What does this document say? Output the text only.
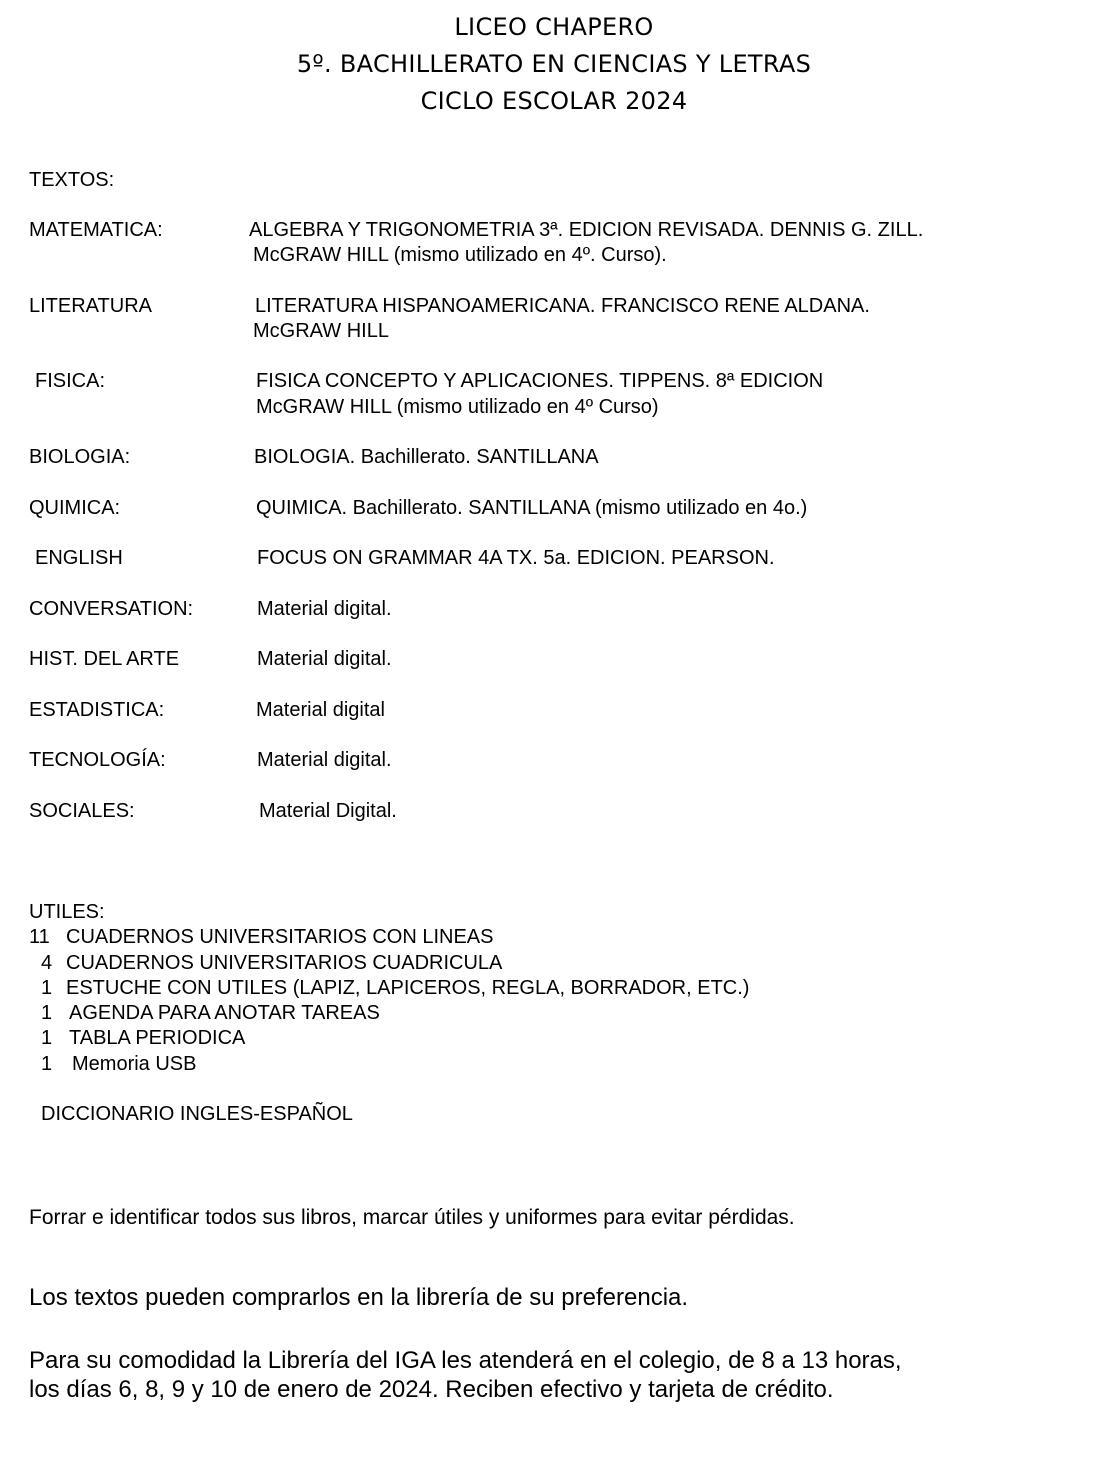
LICEO CHAPERO
5º. BACHILLERATO EN CIENCIAS Y LETRAS
CICLO ESCOLAR 2024
TEXTOS:
MATEMATICA:	ALGEBRA Y TRIGONOMETRIA 3ª. EDICION REVISADA. DENNIS G. ZILL.
McGRAW HILL (mismo utilizado en 4º. Curso).
LITERATURA	LITERATURA HISPANOAMERICANA. FRANCISCO RENE ALDANA.
McGRAW HILL
FISICA:	FISICA CONCEPTO Y APLICACIONES. TIPPENS. 8ª EDICION
McGRAW HILL (mismo utilizado en 4º Curso)
BIOLOGIA:	BIOLOGIA. Bachillerato. SANTILLANA
QUIMICA:	QUIMICA. Bachillerato. SANTILLANA (mismo utilizado en 4o.)
ENGLISH	FOCUS ON GRAMMAR 4A TX. 5a. EDICION. PEARSON.
CONVERSATION:	Material digital.
HIST. DEL ARTE	Material digital.
ESTADISTICA:	Material digital
TECNOLOGÍA:	Material digital.
SOCIALES:	Material Digital.
UTILES:
11 CUADERNOS UNIVERSITARIOS CON LINEAS
4 CUADERNOS UNIVERSITARIOS CUADRICULA
1 ESTUCHE CON UTILES (LAPIZ, LAPICEROS, REGLA, BORRADOR, ETC.)
1 AGENDA PARA ANOTAR TAREAS
1 TABLA PERIODICA
1 Memoria USB
DICCIONARIO INGLES-ESPAÑOL
Forrar e identificar todos sus libros, marcar útiles y uniformes para evitar pérdidas.
Los textos pueden comprarlos en la librería de su preferencia.
Para su comodidad la Librería del IGA les atenderá en el colegio, de 8 a 13 horas,
los días 6, 8, 9 y 10 de enero de 2024. Reciben efectivo y tarjeta de crédito.
